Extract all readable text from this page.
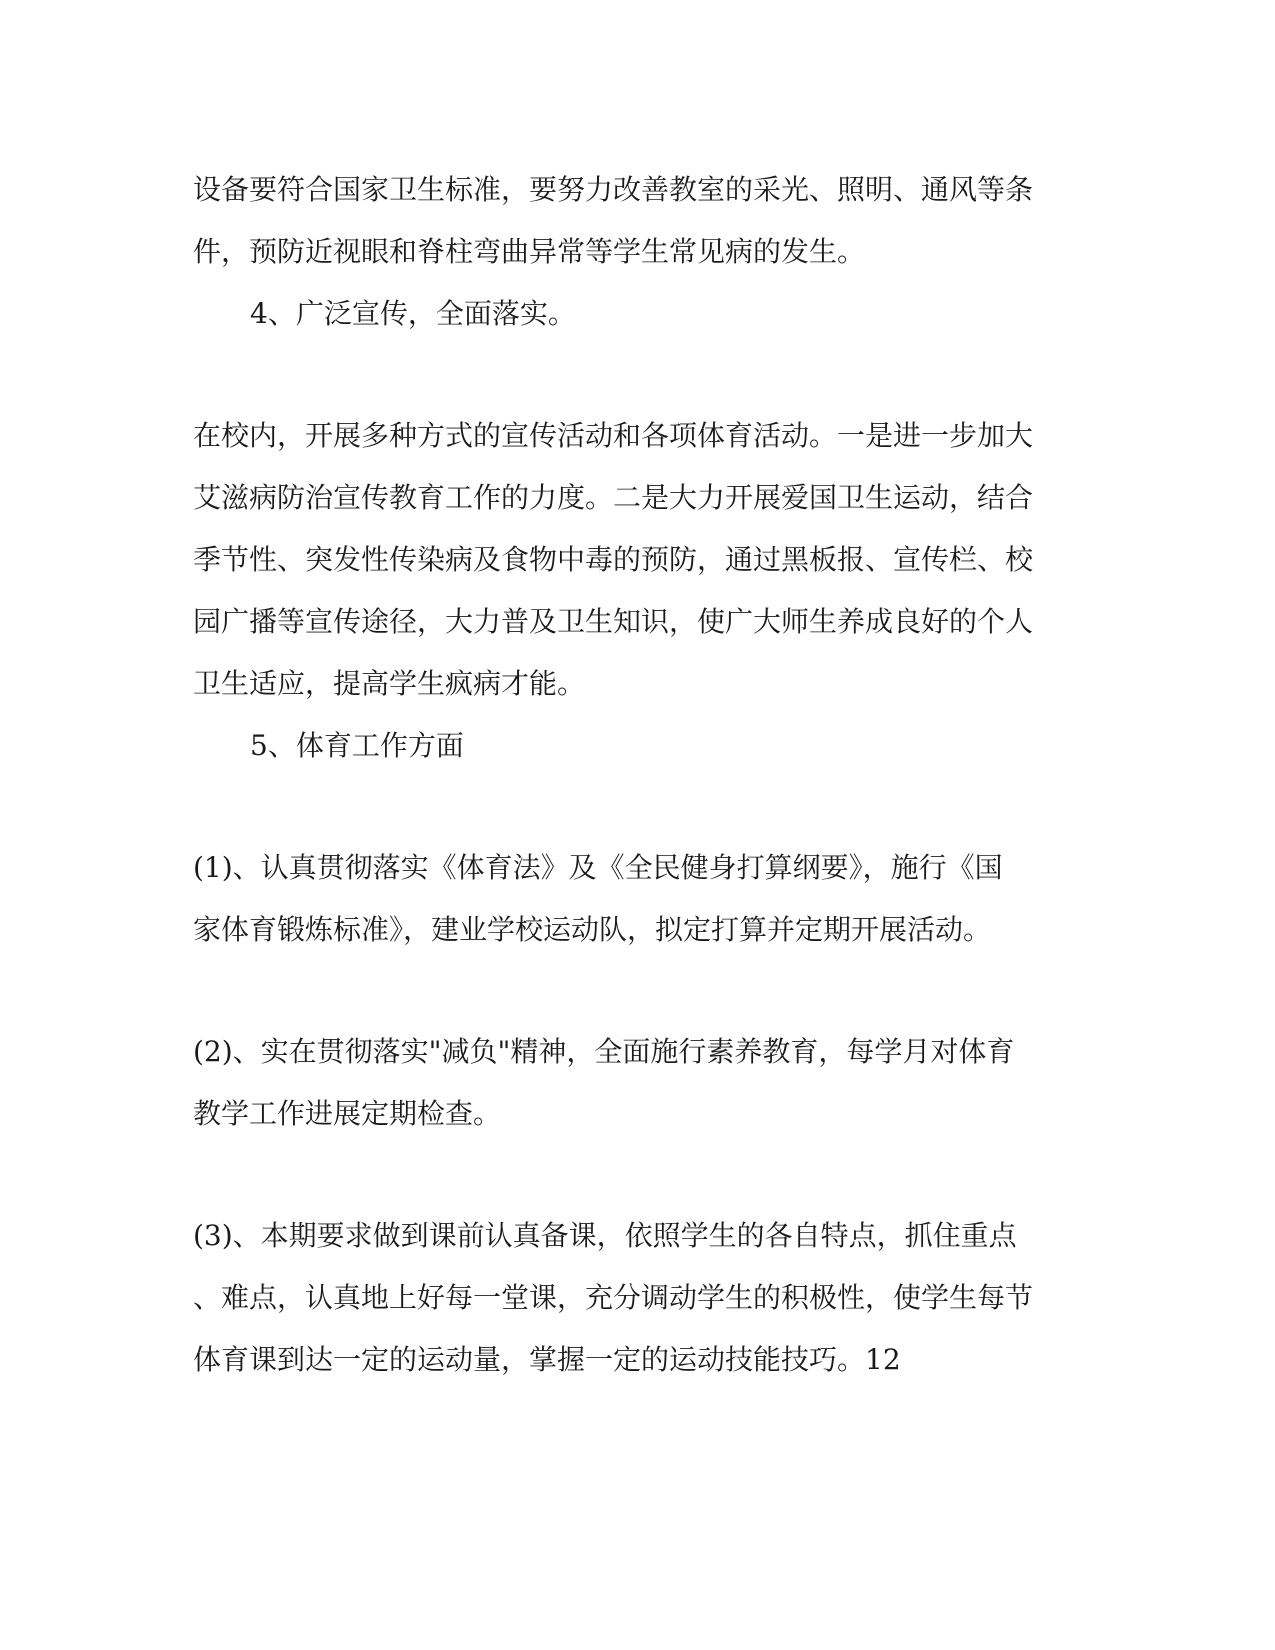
设备要符合国家卫生标准，要努力改善教室的采光、照明、通风等条
件，预防近视眼和脊柱弯曲异常等学生常见病的发生。
4、广泛宣传，全面落实。
在校内，开展多种方式的宣传活动和各项体育活动。一是进一步加大
艾滋病防治宣传教育工作的力度。二是大力开展爱国卫生运动，结合
季节性、突发性传染病及食物中毒的预防，通过黑板报、宣传栏、校
园广播等宣传途径，大力普及卫生知识，使广大师生养成良好的个人
卫生适应，提高学生疯病才能。
5、体育工作方面
(1)、认真贯彻落实《体育法》及《全民健身打算纲要》，施行《国
家体育锻炼标准》，建业学校运动队，拟定打算并定期开展活动。
(2)、实在贯彻落实"减负"精神，全面施行素养教育，每学月对体育
教学工作进展定期检查。
(3)、本期要求做到课前认真备课，依照学生的各自特点，抓住重点
、难点，认真地上好每一堂课，充分调动学生的积极性，使学生每节
体育课到达一定的运动量，掌握一定的运动技能技巧。12
